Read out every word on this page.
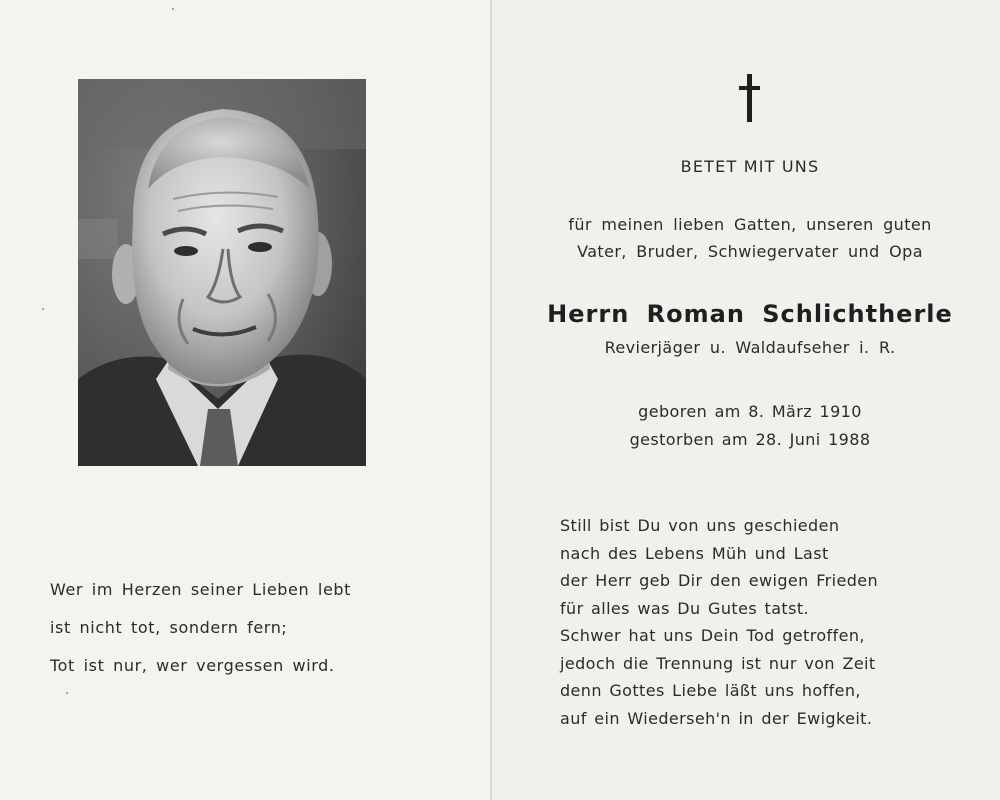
Wer im Herzen seiner Lieben lebt
ist nicht tot, sondern fern;
Tot ist nur, wer vergessen wird.
BETET MIT UNS
für meinen lieben Gatten, unseren guten
Vater, Bruder, Schwiegervater und Opa
Herrn Roman Schlichtherle
Revierjäger u. Waldaufseher i. R.
geboren am 8. März 1910
gestorben am 28. Juni 1988
Still bist Du von uns geschieden
nach des Lebens Müh und Last
der Herr geb Dir den ewigen Frieden
für alles was Du Gutes tatst.
Schwer hat uns Dein Tod getroffen,
jedoch die Trennung ist nur von Zeit
denn Gottes Liebe läßt uns hoffen,
auf ein Wiederseh'n in der Ewigkeit.
